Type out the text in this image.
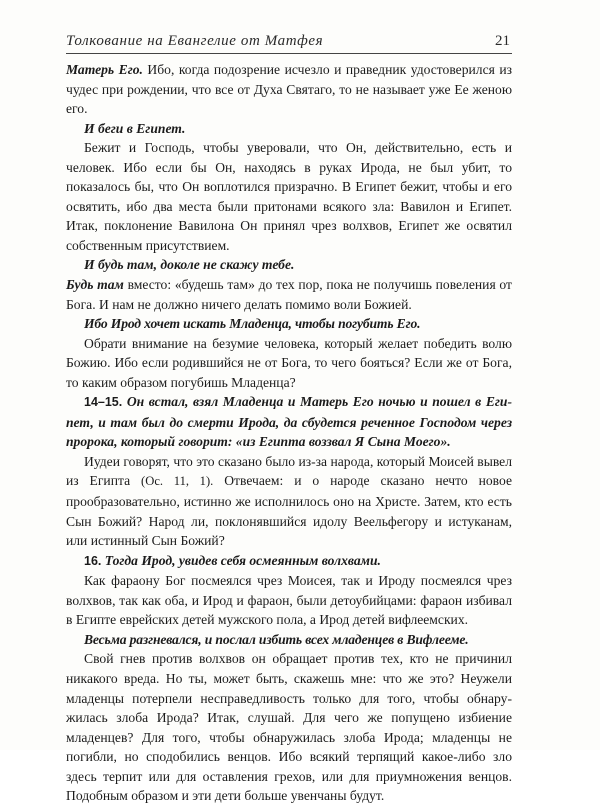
Толкование на Евангелие от Матфея	21

Матерь Его. Ибо, когда подозрение исчезло и праведник удостоверился из чудес при рождении, что все от Духа Святаго, то не называет уже Ее женою его.

И беги в Египет.

Бежит и Господь, чтобы уверовали, что Он, действительно, есть и человек. Ибо если бы Он, находясь в руках Ирода, не был убит, то показалось бы, что Он воплотился призрачно. В Египет бежит, чтобы и его освятить, ибо два места были притонами всякого зла: Вавилон и Египет. Итак, поклонение Вавилона Он принял чрез волхвов, Египет же освятил собственным присутствием.

И будь там, доколе не скажу тебе.

Будь там вместо: «будешь там» до тех пор, пока не получишь повеления от Бога. И нам не должно ничего делать помимо воли Божией.

Ибо Ирод хочет искать Младенца, чтобы погубить Его.

Обрати внимание на безумие человека, который желает победить волю Божию. Ибо если родившийся не от Бога, то чего бояться? Если же от Бога, то каким образом погубишь Младенца?

14–15. Он встал, взял Младенца и Матерь Его ночью и пошел в Египет, и там был до смерти Ирода, да сбудется реченное Господом через пророка, который говорит: «из Египта воззвал Я Сына Моего».

Иудеи говорят, что это сказано было из-за народа, который Моисей вывел из Египта (Ос. 11, 1). Отвечаем: и о народе сказано нечто новое прообразовательно, истинно же исполнилось оно на Христе. Затем, кто есть Сын Божий? Народ ли, поклонявшийся идолу Веельфегору и истуканам, или истинный Сын Божий?

16. Тогда Ирод, увидев себя осмеянным волхвами.

Как фараону Бог посмеялся чрез Моисея, так и Ироду посмеялся чрез волхвов, так как оба, и Ирод и фараон, были детоубийцами: фараон избивал в Египте еврейских детей мужского пола, а Ирод детей вифлеемских.

Весьма разгневался, и послал избить всех младенцев в Вифлееме.

Свой гнев против волхвов он обращает против тех, кто не причинил никакого вреда. Но ты, может быть, скажешь мне: что же это? Неужели младенцы потерпели несправедливость только для того, чтобы обнаружилась злоба Ирода? Итак, слушай. Для чего же попущено избиение младенцев? Для того, чтобы обнаружилась злоба Ирода; младенцы не погибли, но сподобились венцов. Ибо всякий терпящий какое-либо зло здесь терпит или для оставления грехов, или для приумножения венцов. Подобным образом и эти дети больше увенчаны будут.
